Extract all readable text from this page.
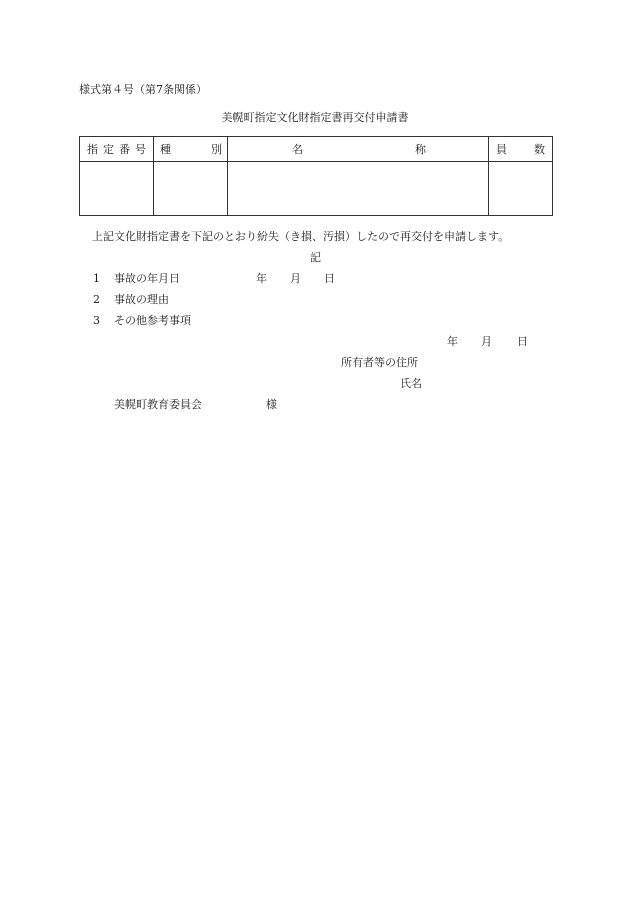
様式第４号（第7条関係）
美幌町指定文化財指定書再交付申請書
指 定 番 号	種 別	名 称	員 数

上記文化財指定書を下記のとおり紛失（き損、汚損）したので再交付を申請します。
記
1 事故の年月日	年 月 日
2 事故の理由
3 その他参考事項
年 月 日
所有者等の住所
氏名
美幌町教育委員会	様
